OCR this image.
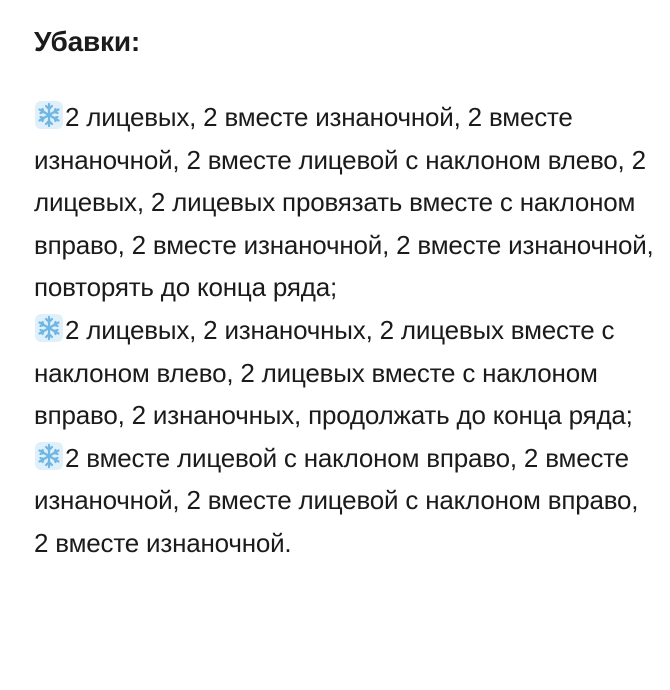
Убавки:

2 лицевых, 2 вместе изнаночной, 2 вместе изнаночной, 2 вместе лицевой с наклоном влево, 2 лицевых, 2 лицевых провязать вместе с наклоном вправо, 2 вместе изнаночной, 2 вместе изнаночной, повторять до конца ряда;

2 лицевых, 2 изнаночных, 2 лицевых вместе с наклоном влево, 2 лицевых вместе с наклоном вправо, 2 изнаночных, продолжать до конца ряда;

2 вместе лицевой с наклоном вправо, 2 вместе изнаночной, 2 вместе лицевой с наклоном вправо, 2 вместе изнаночной.
